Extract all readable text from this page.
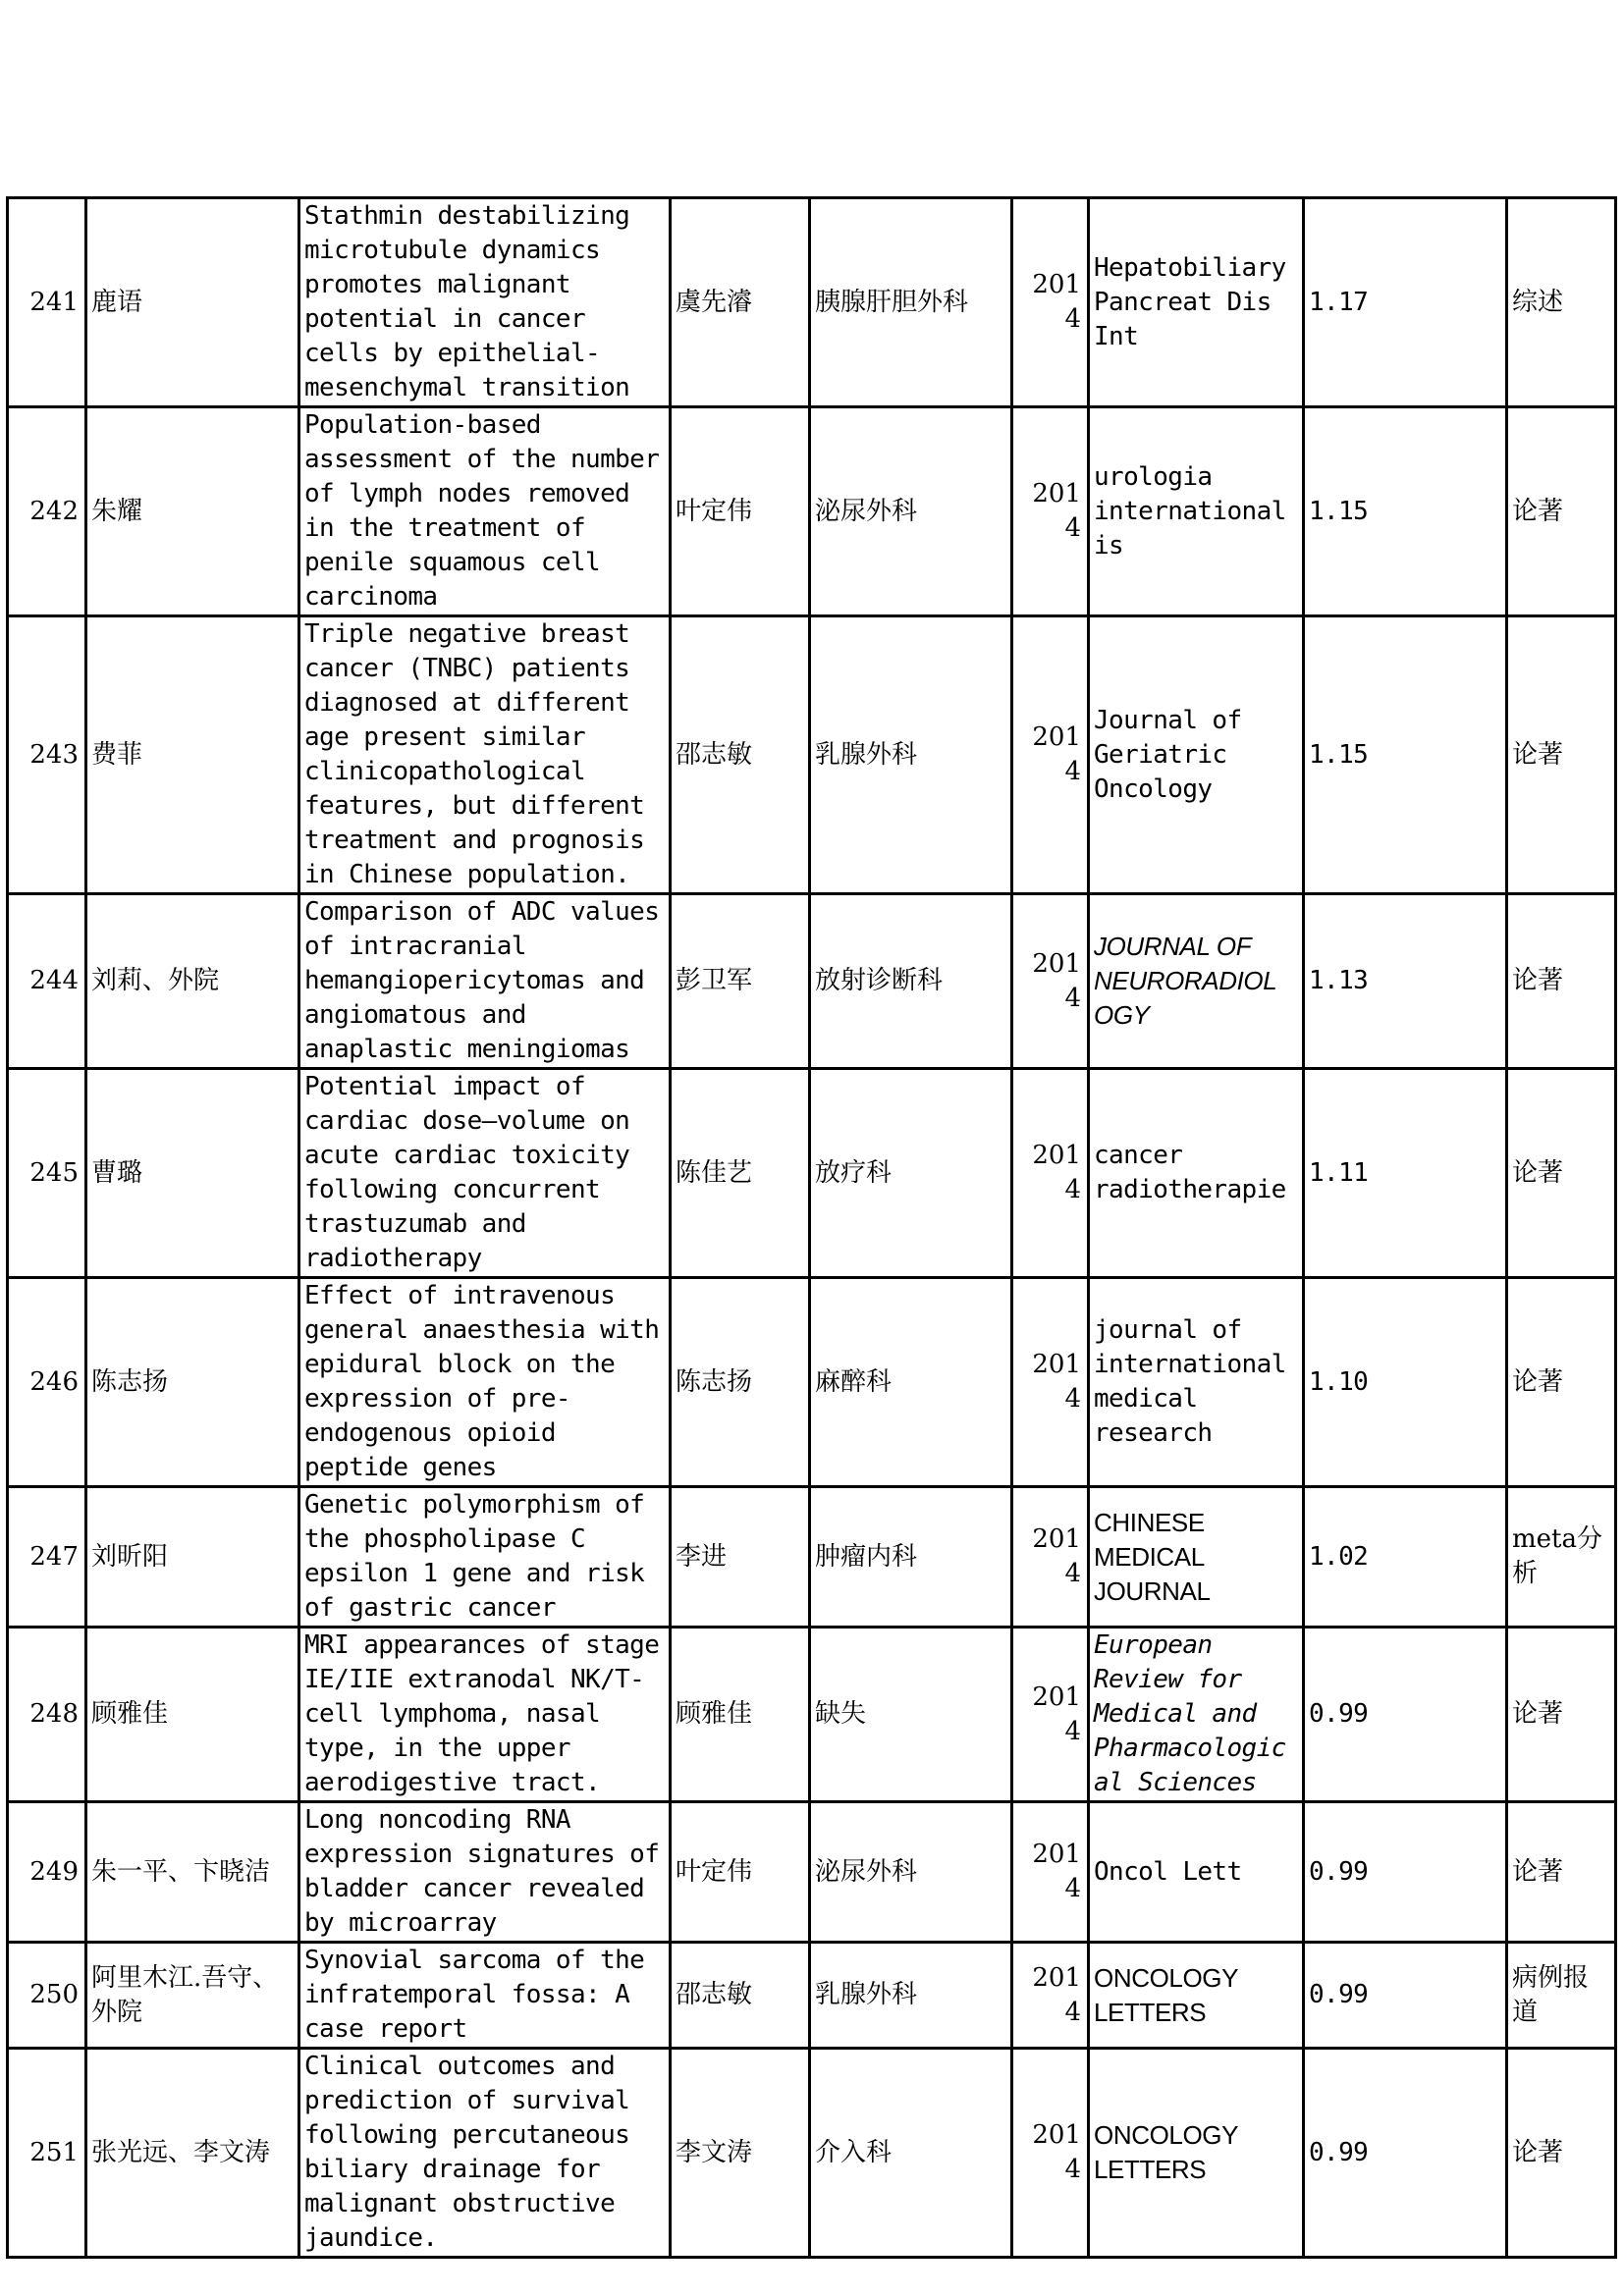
241	鹿语	Stathmin destabilizing microtubule dynamics promotes malignant potential in cancer cells by epithelial-mesenchymal transition	虞先濬	胰腺肝胆外科	2014	Hepatobiliary Pancreat Dis Int	1.17	综述
242	朱耀	Population-based assessment of the number of lymph nodes removed in the treatment of penile squamous cell carcinoma	叶定伟	泌尿外科	2014	urologia internationalis	1.15	论著
243	费菲	Triple negative breast cancer (TNBC) patients diagnosed at different age present similar clinicopathological features, but different treatment and prognosis in Chinese population.	邵志敏	乳腺外科	2014	Journal of Geriatric Oncology	1.15	论著
244	刘莉、外院	Comparison of ADC values of intracranial hemangiopericytomas and angiomatous and anaplastic meningiomas	彭卫军	放射诊断科	2014	JOURNAL OF NEURORADIOLOGY	1.13	论著
245	曹璐	Potential impact of cardiac dose–volume on acute cardiac toxicity following concurrent trastuzumab and radiotherapy	陈佳艺	放疗科	2014	cancer radiotherapie	1.11	论著
246	陈志扬	Effect of intravenous general anaesthesia with epidural block on the expression of pre-endogenous opioid peptide genes	陈志扬	麻醉科	2014	journal of international medical research	1.10	论著
247	刘昕阳	Genetic polymorphism of the phospholipase C epsilon 1 gene and risk of gastric cancer	李进	肿瘤内科	2014	CHINESE MEDICAL JOURNAL	1.02	meta分析
248	顾雅佳	MRI appearances of stage IE/IIE extranodal NK/T-cell lymphoma, nasal type, in the upper aerodigestive tract.	顾雅佳	缺失	2014	European Review for Medical and Pharmacological Sciences	0.99	论著
249	朱一平、卞晓洁	Long noncoding RNA expression signatures of bladder cancer revealed by microarray	叶定伟	泌尿外科	2014	Oncol Lett	0.99	论著
250	阿里木江.吾守、外院	Synovial sarcoma of the infratemporal fossa: A case report	邵志敏	乳腺外科	2014	ONCOLOGY LETTERS	0.99	病例报道
251	张光远、李文涛	Clinical outcomes and prediction of survival following percutaneous biliary drainage for malignant obstructive jaundice.	李文涛	介入科	2014	ONCOLOGY LETTERS	0.99	论著
